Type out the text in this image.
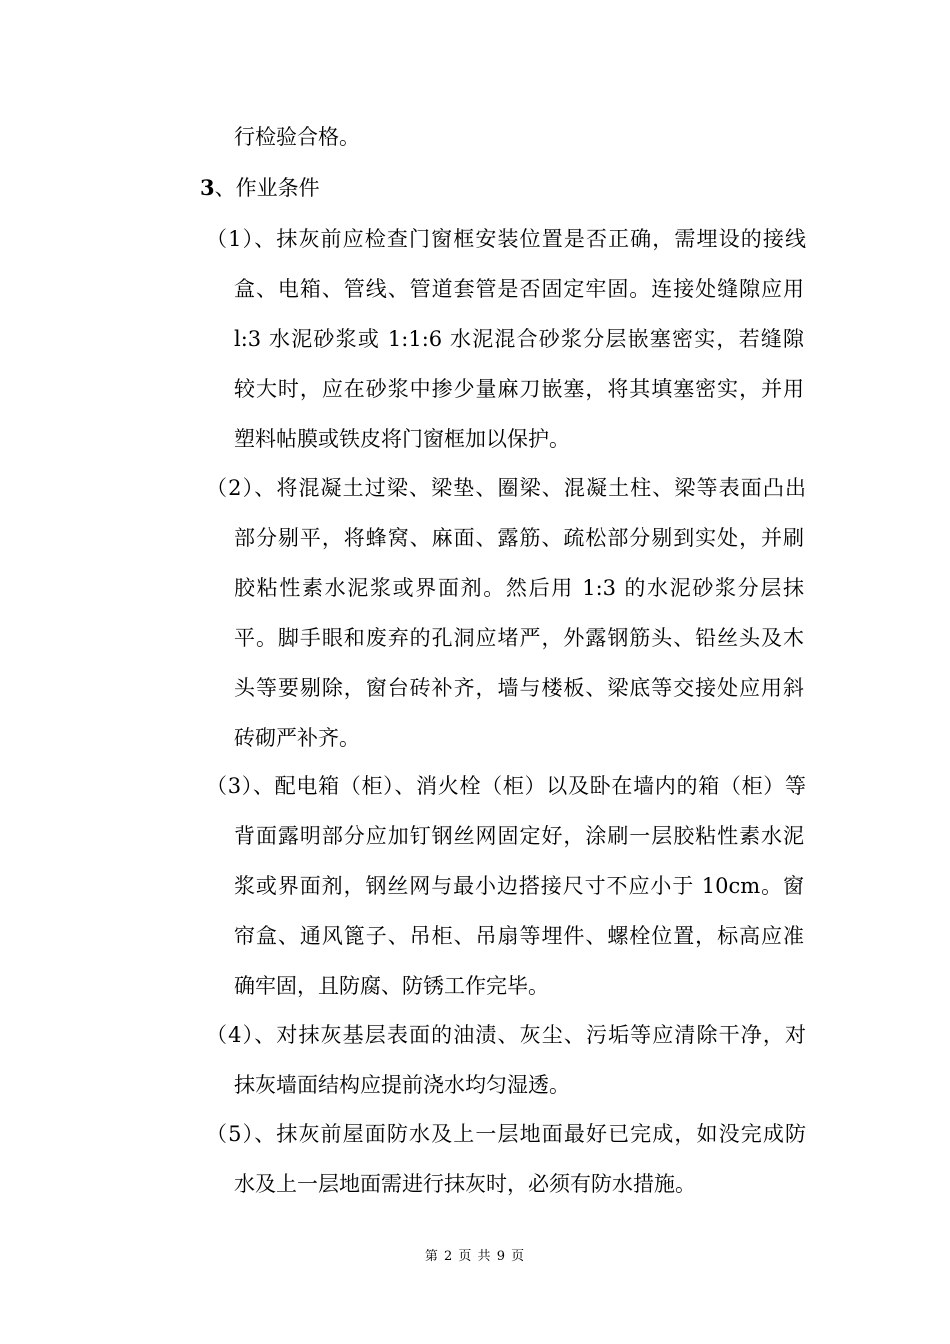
行检验合格。
3、作业条件
（1）、抹灰前应检查门窗框安装位置是否正确，需埋设的接线
盒、电箱、管线、管道套管是否固定牢固。连接处缝隙应用
l:3 水泥砂浆或 1:1:6 水泥混合砂浆分层嵌塞密实，若缝隙
较大时，应在砂浆中掺少量麻刀嵌塞，将其填塞密实，并用
塑料帖膜或铁皮将门窗框加以保护。
（2）、将混凝土过梁、梁垫、圈梁、混凝土柱、梁等表面凸出
部分剔平，将蜂窝、麻面、露筋、疏松部分剔到实处，并刷
胶粘性素水泥浆或界面剂。然后用 1:3 的水泥砂浆分层抹
平。脚手眼和废弃的孔洞应堵严，外露钢筋头、铅丝头及木
头等要剔除，窗台砖补齐，墙与楼板、梁底等交接处应用斜
砖砌严补齐。
（3）、配电箱（柜）、消火栓（柜）以及卧在墙内的箱（柜）等
背面露明部分应加钉钢丝网固定好，涂刷一层胶粘性素水泥
浆或界面剂，钢丝网与最小边搭接尺寸不应小于 10cm。窗
帘盒、通风篦子、吊柜、吊扇等埋件、螺栓位置，标高应准
确牢固，且防腐、防锈工作完毕。
（4）、对抹灰基层表面的油渍、灰尘、污垢等应清除干净，对
抹灰墙面结构应提前浇水均匀湿透。
（5）、抹灰前屋面防水及上一层地面最好已完成，如没完成防
水及上一层地面需进行抹灰时，必须有防水措施。
第 2 页 共 9 页
